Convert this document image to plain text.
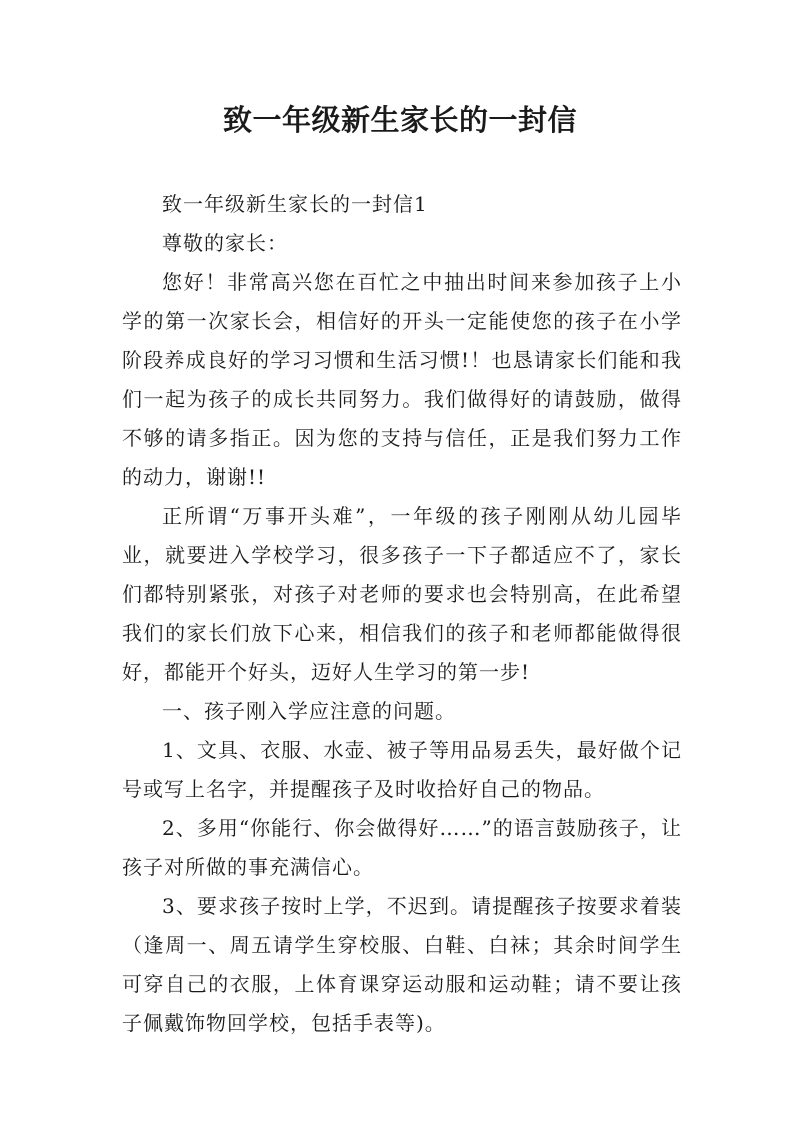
致一年级新生家长的一封信

致一年级新生家长的一封信1

尊敬的家长：

您好！非常高兴您在百忙之中抽出时间来参加孩子上小学的第一次家长会，相信好的开头一定能使您的孩子在小学阶段养成良好的学习习惯和生活习惯!！也恳请家长们能和我们一起为孩子的成长共同努力。我们做得好的请鼓励，做得不够的请多指正。因为您的支持与信任，正是我们努力工作的动力，谢谢!!

正所谓“万事开头难”，一年级的孩子刚刚从幼儿园毕业，就要进入学校学习，很多孩子一下子都适应不了，家长们都特别紧张，对孩子对老师的要求也会特别高，在此希望我们的家长们放下心来，相信我们的孩子和老师都能做得很好，都能开个好头，迈好人生学习的第一步!

一、孩子刚入学应注意的问题。

1、文具、衣服、水壶、被子等用品易丢失，最好做个记号或写上名字，并提醒孩子及时收拾好自己的物品。

2、多用“你能行、你会做得好……”的语言鼓励孩子，让孩子对所做的事充满信心。

3、要求孩子按时上学，不迟到。请提醒孩子按要求着装（逢周一、周五请学生穿校服、白鞋、白袜；其余时间学生可穿自己的衣服，上体育课穿运动服和运动鞋；请不要让孩子佩戴饰物回学校，包括手表等)。
